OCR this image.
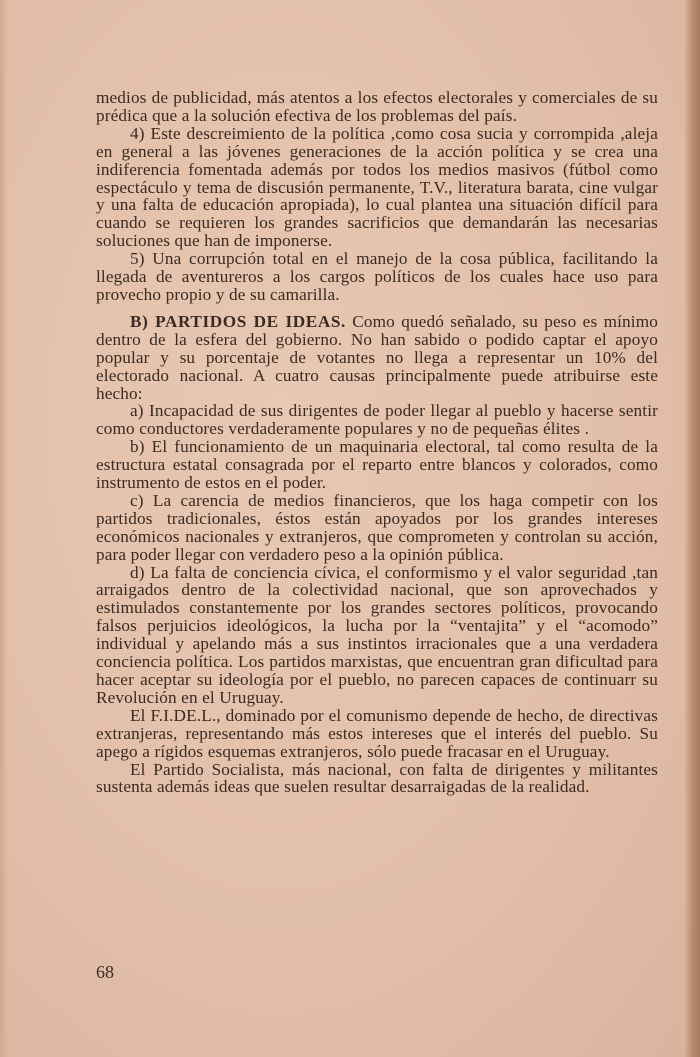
medios de publicidad, más atentos a los efectos electorales y comerciales de su prédica que a la solución efectiva de los problemas del país.

4) Este descreimiento de la política ,como cosa sucia y corrompida ,aleja en general a las jóvenes generaciones de la acción política y se crea una indiferencia fomentada además por todos los medios masivos (fútbol como espectáculo y tema de discusión permanente, T.V., literatura barata, cine vulgar y una falta de educación apropiada), lo cual plantea una situación difícil para cuando se requieren los grandes sacrificios que demandarán las necesarias soluciones que han de imponerse.

5) Una corrupción total en el manejo de la cosa pública, facilitando la llegada de aventureros a los cargos políticos de los cuales hace uso para provecho propio y de su camarilla.

B) PARTIDOS DE IDEAS. Como quedó señalado, su peso es mínimo dentro de la esfera del gobierno. No han sabido o podido captar el apoyo popular y su porcentaje de votantes no llega a representar un 10% del electorado nacional. A cuatro causas principalmente puede atribuirse este hecho:

a) Incapacidad de sus dirigentes de poder llegar al pueblo y hacerse sentir como conductores verdaderamente populares y no de pequeñas élites .

b) El funcionamiento de un maquinaria electoral, tal como resulta de la estructura estatal consagrada por el reparto entre blancos y colorados, como instrumento de estos en el poder.

c) La carencia de medios financieros, que los haga competir con los partidos tradicionales, éstos están apoyados por los grandes intereses económicos nacionales y extranjeros, que comprometen y controlan su acción, para poder llegar con verdadero peso a la opinión pública.

d) La falta de conciencia cívica, el conformismo y el valor seguridad ,tan arraigados dentro de la colectividad nacional, que son aprovechados y estimulados constantemente por los grandes sectores políticos, provocando falsos perjuicios ideológicos, la lucha por la “ventajita” y el “acomodo” individual y apelando más a sus instintos irracionales que a una verdadera conciencia política. Los partidos marxistas, que encuentran gran dificultad para hacer aceptar su ideología por el pueblo, no parecen capaces de continuarr su Revolución en el Uruguay.

El F.I.DE.L., dominado por el comunismo depende de hecho, de directivas extranjeras, representando más estos intereses que el interés del pueblo. Su apego a rígidos esquemas extranjeros, sólo puede fracasar en el Uruguay.

El Partido Socialista, más nacional, con falta de dirigentes y militantes sustenta además ideas que suelen resultar desarraigadas de la realidad.

68
